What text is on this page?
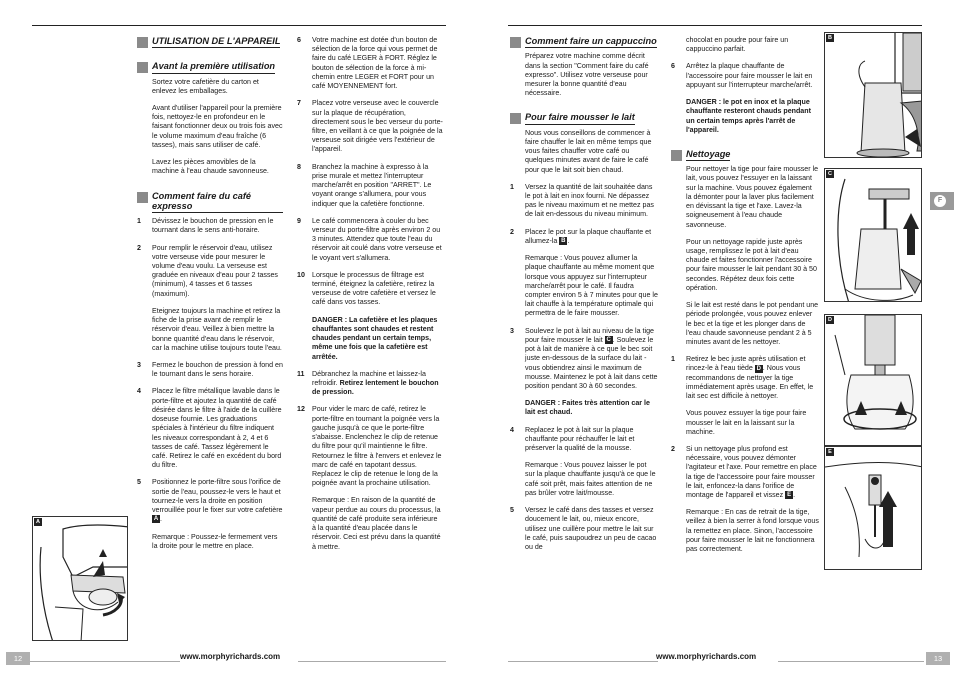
UTILISATION DE L'APPAREIL
Avant la première utilisation

Sortez votre cafetière du carton et enlevez les emballages.

Avant d'utiliser l'appareil pour la première fois, nettoyez-le en profondeur en le faisant fonctionner deux ou trois fois avec le volume maximum d'eau fraîche (6 tasses), mais sans utiliser de café.

Lavez les pièces amovibles de la machine à l'eau chaude savonneuse.

Comment faire du café expresso
1	Dévissez le bouchon de pression en le tournant dans le sens anti-horaire.

2	Pour remplir le réservoir d'eau, utilisez votre verseuse vide pour mesurer le volume d'eau voulu. La verseuse est graduée en niveaux d'eau pour 2 tasses (minimum), 4 tasses et 6 tasses (maximum).

Eteignez toujours la machine et retirez la fiche de la prise avant de remplir le réservoir d'eau. Veillez à bien mettre la bonne quantité d'eau dans le réservoir, car la machine utilise toujours toute l'eau.

3	Fermez le bouchon de pression à fond en le tournant dans le sens horaire.

4	Placez le filtre métallique lavable dans le porte-filtre et ajoutez la quantité de café désirée dans le filtre à l'aide de la cuillère doseuse fournie. Les graduations spéciales à l'intérieur du filtre indiquent les niveaux correspondant à 2, 4 et 6 tasses de café. Tassez légèrement le café. Retirez le café en excédent du bord du filtre.

5	Positionnez le porte-filtre sous l'orifice de sortie de l'eau, poussez-le vers le haut et tournez-le vers la droite en position verrouillée pour le fixer sur votre cafetière A .

Remarque : Poussez-le fermement vers la droite pour le mettre en place.

6	Votre machine est dotée d'un bouton de sélection de la force qui vous permet de faire du café LEGER à FORT. Réglez le bouton de sélection de la force à mi-chemin entre LEGER et FORT pour un café MOYENNEMENT fort.

7	Placez votre verseuse avec le couvercle sur la plaque de récupération, directement sous le bec verseur du porte-filtre, en veillant à ce que la poignée de la verseuse soit dirigée vers l'extérieur de l'appareil.

8	Branchez la machine à expresso à la prise murale et mettez l'interrupteur marche/arrêt en position "ARRET". Le voyant orange s'allumera, pour vous indiquer que la cafetière fonctionne.

9	Le café commencera à couler du bec verseur du porte-filtre après environ 2 ou 3 minutes. Attendez que toute l'eau du réservoir ait coulé dans votre verseuse et le voyant vert s'allumera.

10	Lorsque le processus de filtrage est terminé, éteignez la cafetière, retirez la verseuse de votre cafetière et versez le café dans vos tasses.

DANGER : La cafetière et les plaques chauffantes sont chaudes et restent chaudes pendant un certain temps, même une fois que la cafetière est arrêtée.

11	Débranchez la machine et laissez-la refroidir. Retirez lentement le bouchon de pression.

12	Pour vider le marc de café, retirez le porte-filtre en tournant la poignée vers la gauche jusqu'à ce que le porte-filtre s'abaisse. Enclenchez le clip de retenue du filtre pour qu'il maintienne le filtre. Retournez le filtre à l'envers et enlevez le marc de café en tapotant dessus. Replacez le clip de retenue le long de la poignée avant la prochaine utilisation.

Remarque : En raison de la quantité de vapeur perdue au cours du processus, la quantité de café produite sera inférieure à la quantité d'eau placée dans le réservoir. Ceci est prévu dans la quantité à mettre.

A
12	www.morphyrichards.com
Comment faire un cappuccino

Préparez votre machine comme décrit dans la section "Comment faire du café expresso". Utilisez votre verseuse pour mesurer la bonne quantité d'eau nécessaire.

Pour faire mousser le lait

Nous vous conseillons de commencer à faire chauffer le lait en même temps que vous faites chauffer votre café ou quelques minutes avant de faire le café pour que le lait soit bien chaud.

1	Versez la quantité de lait souhaitée dans le pot à lait en inox fourni. Ne dépassez pas le niveau maximum et ne mettez pas de lait en-dessous du niveau minimum.

2	Placez le pot sur la plaque chauffante et allumez-la B .

Remarque : Vous pouvez allumer la plaque chauffante au même moment que lorsque vous appuyez sur l'interrupteur marche/arrêt pour le café. Il faudra compter environ 5 à 7 minutes pour que le lait chauffe à la température optimale qui permettra de le faire mousser.

3	Soulevez le pot à lait au niveau de la tige pour faire mousser le lait C . Soulevez le pot à lait de manière à ce que le bec soit juste en-dessous de la surface du lait - vous obtiendrez ainsi le maximum de mousse. Maintenez le pot à lait dans cette position pendant 30 à 60 secondes.

DANGER : Faites très attention car le lait est chaud.

4	Replacez le pot à lait sur la plaque chauffante pour réchauffer le lait et préserver la qualité de la mousse.

Remarque : Vous pouvez laisser le pot sur la plaque chauffante jusqu'à ce que le café soit prêt, mais faites attention de ne pas brûler votre lait/mousse.

5	Versez le café dans des tasses et versez doucement le lait, ou, mieux encore, utilisez une cuillère pour mettre le lait sur le café, puis saupoudrez un peu de cacao ou de

chocolat en poudre pour faire un cappuccino parfait.

6	Arrêtez la plaque chauffante de l'accessoire pour faire mousser le lait en appuyant sur l'interrupteur marche/arrêt.

DANGER : le pot en inox et la plaque chauffante resteront chauds pendant un certain temps après l'arrêt de l'appareil.

Nettoyage

Pour nettoyer la tige pour faire mousser le lait, vous pouvez l'essuyer en la laissant sur la machine. Vous pouvez également la démonter pour la laver plus facilement en dévissant la tige et l'axe. Lavez-la soigneusement à l'eau chaude savonneuse.

Pour un nettoyage rapide juste après usage, remplissez le pot à lait d'eau chaude et faites fonctionner l'accessoire pour faire mousser le lait pendant 30 à 50 secondes. Répétez deux fois cette opération.

Si le lait est resté dans le pot pendant une période prolongée, vous pouvez enlever le bec et la tige et les plonger dans de l'eau chaude savonneuse pendant 2 à 5 minutes avant de les nettoyer.

1	Retirez le bec juste après utilisation et rincez-le à l'eau tiède D . Nous vous recommandons de nettoyer la tige immédiatement après usage. En effet, le lait sec est difficile à nettoyer.

Vous pouvez essuyer la tige pour faire mousser le lait en la laissant sur la machine.

2	Si un nettoyage plus profond est nécessaire, vous pouvez démonter l'agitateur et l'axe. Pour remettre en place la tige de l'accessoire pour faire mousser le lait, enfoncez-la dans l'orifice de montage de l'appareil et vissez E .

Remarque : En cas de retrait de la tige, veillez à bien la serrer à fond lorsque vous la remettez en place. Sinon, l'accessoire pour faire mousser le lait ne fonctionnera pas correctement.

B
C
D
E
F
www.morphyrichards.com	13
